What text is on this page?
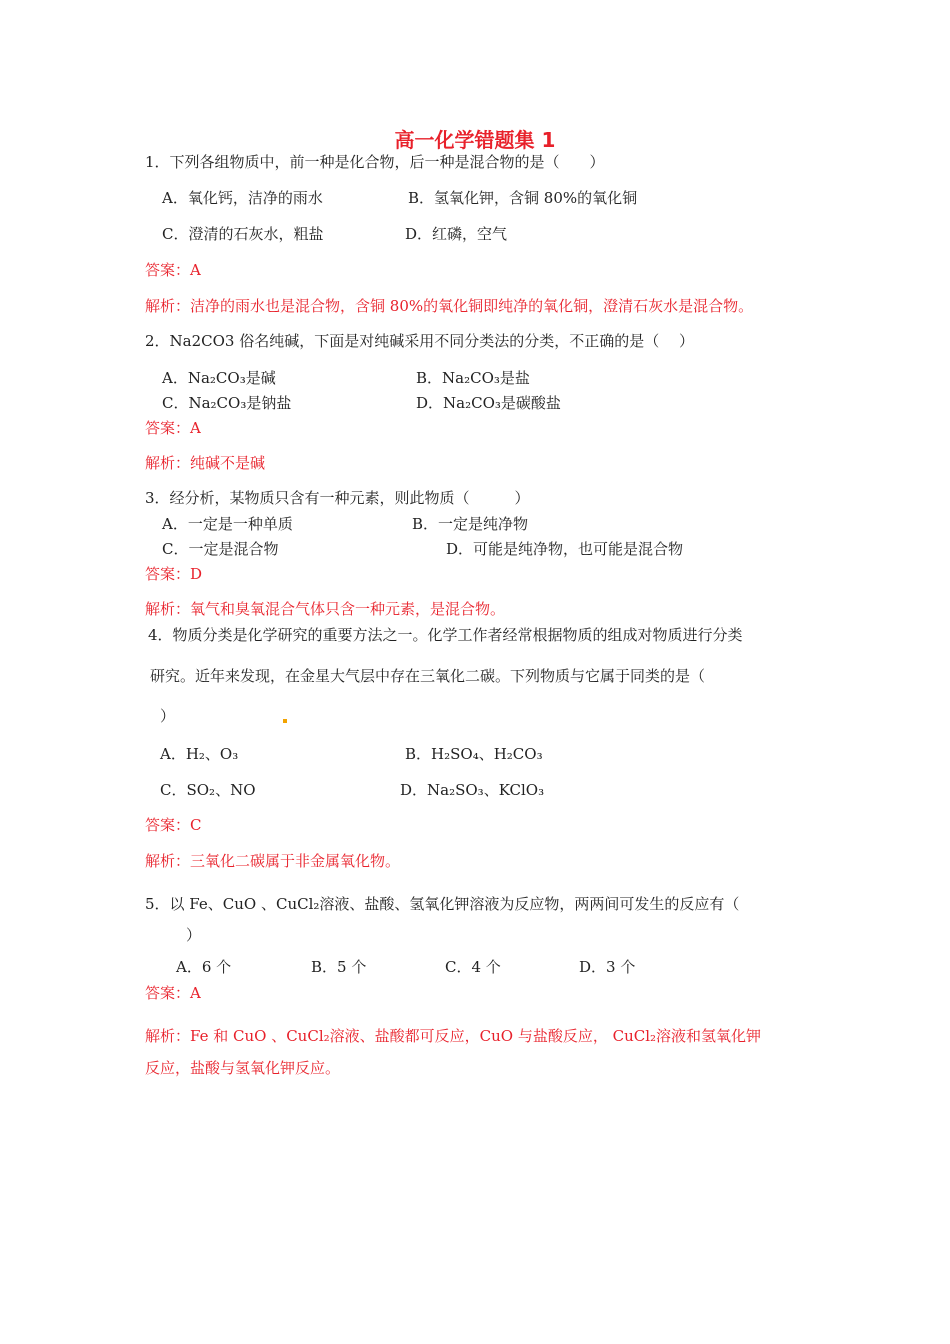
高一化学错题集 1
1．下列各组物质中，前一种是化合物，后一种是混合物的是（　　）
A．氧化钙，洁净的雨水	B．氢氧化钾，含铜 80%的氧化铜
C．澄清的石灰水，粗盐	D．红磷，空气
答案：A
解析：洁净的雨水也是混合物，含铜 80%的氧化铜即纯净的氧化铜，澄清石灰水是混合物。
2．Na2CO3 俗名纯碱，下面是对纯碱采用不同分类法的分类，不正确的是（　 ）
A．Na₂CO₃是碱	B．Na₂CO₃是盐
C．Na₂CO₃是钠盐	D．Na₂CO₃是碳酸盐
答案：A
解析：纯碱不是碱
3．经分析，某物质只含有一种元素，则此物质（　　　）
A．一定是一种单质	B．一定是纯净物
C．一定是混合物	D．可能是纯净物，也可能是混合物
答案：D
解析：氧气和臭氧混合气体只含一种元素，是混合物。
4．物质分类是化学研究的重要方法之一。化学工作者经常根据物质的组成对物质进行分类
研究。近年来发现，在金星大气层中存在三氧化二碳。下列物质与它属于同类的是（
）
A．H₂、O₃	B．H₂SO₄、H₂CO₃
C．SO₂、NO	D．Na₂SO₃、KClO₃
答案：C
解析：三氧化二碳属于非金属氧化物。
5．以 Fe、CuO 、CuCl₂溶液、盐酸、氢氧化钾溶液为反应物，两两间可发生的反应有（
）
A．6 个	B．5 个	C．4 个	D．3 个
答案：A
解析：Fe 和 CuO 、CuCl₂溶液、盐酸都可反应，CuO 与盐酸反应， CuCl₂溶液和氢氧化钾
反应，盐酸与氢氧化钾反应。
